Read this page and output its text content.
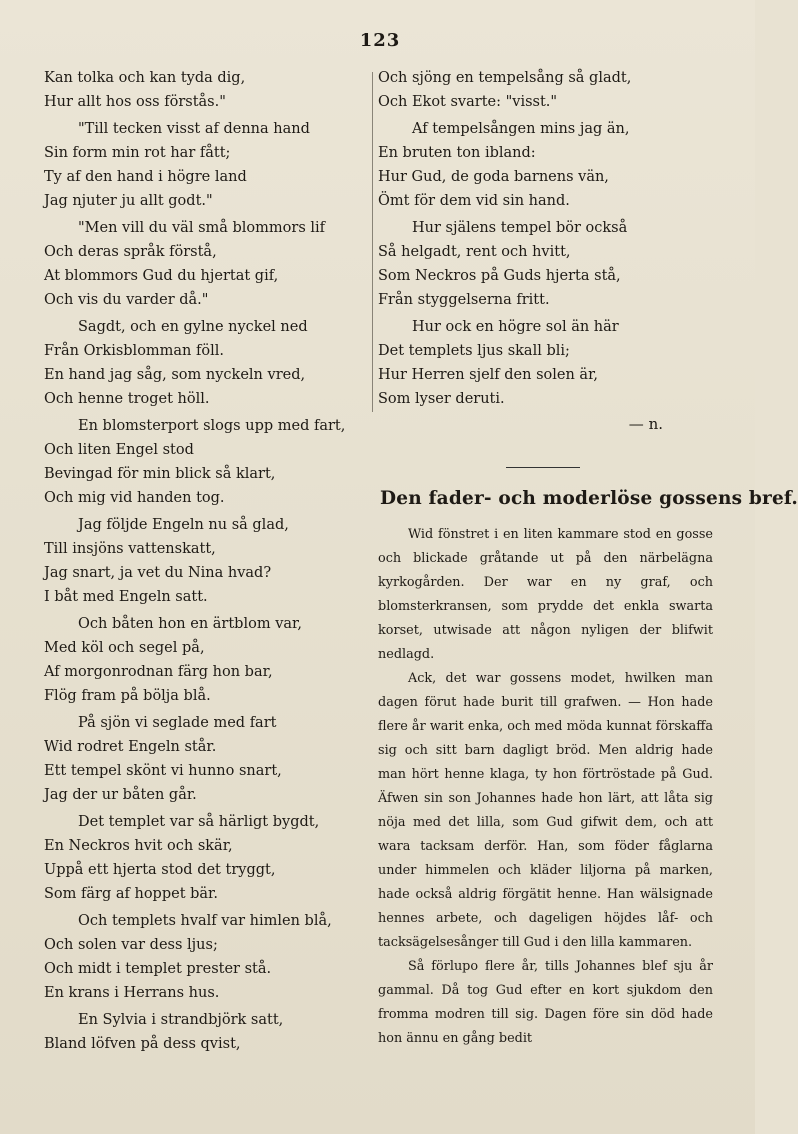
123
Kan tolka och kan tyda dig,
Hur allt hos oss förstås."
"Till tecken visst af denna hand
Sin form min rot har fått;
Ty af den hand i högre land
Jag njuter ju allt godt."
"Men vill du väl små blommors lif
Och deras språk förstå,
At blommors Gud du hjertat gif,
Och vis du varder då."
Sagdt, och en gylne nyckel ned
Från Orkisblomman föll.
En hand jag såg, som nyckeln vred,
Och henne troget höll.
En blomsterport slogs upp med fart,
Och liten Engel stod
Bevingad för min blick så klart,
Och mig vid handen tog.
Jag följde Engeln nu så glad,
Till insjöns vattenskatt,
Jag snart, ja vet du Nina hvad?
I båt med Engeln satt.
Och båten hon en ärtblom var,
Med köl och segel på,
Af morgonrodnan färg hon bar,
Flög fram på bölja blå.
På sjön vi seglade med fart
Wid rodret Engeln står.
Ett tempel skönt vi hunno snart,
Jag der ur båten går.
Det templet var så härligt bygdt,
En Neckros hvit och skär,
Uppå ett hjerta stod det tryggt,
Som färg af hoppet bär.
Och templets hvalf var himlen blå,
Och solen var dess ljus;
Och midt i templet prester stå.
En krans i Herrans hus.
En Sylvia i strandbjörk satt,
Bland löfven på dess qvist,
Och sjöng en tempelsång så gladt,
Och Ekot svarte: "visst."
Af tempelsången mins jag än,
En bruten ton ibland:
Hur Gud, de goda barnens vän,
Ömt för dem vid sin hand.
Hur själens tempel bör också
Så helgadt, rent och hvitt,
Som Neckros på Guds hjerta stå,
Från styggelserna fritt.
Hur ock en högre sol än här
Det templets ljus skall bli;
Hur Herren sjelf den solen är,
Som lyser deruti.
— n.
Den fader- och moderlöse gossens bref.

Wid fönstret i en liten kammare stod en gosse och blickade gråtande ut på den närbelägna kyrkogården. Der war en ny graf, och blomsterkransen, som prydde det enkla swarta korset, utwisade att någon nyligen der blifwit nedlagd.

Ack, det war gossens modet, hwilken man dagen förut hade burit till grafwen. — Hon hade flere år warit enka, och med möda kunnat förskaffa sig och sitt barn dagligt bröd. Men aldrig hade man hört henne klaga, ty hon förtröstade på Gud. Äfwen sin son Johannes hade hon lärt, att låta sig nöja med det lilla, som Gud gifwit dem, och att wara tacksam derför. Han, som föder fåglarna under himmelen och kläder liljorna på marken, hade också aldrig förgätit henne. Han wälsignade hennes arbete, och dageligen höjdes låf- och tacksägelsesånger till Gud i den lilla kammaren.

Så förlupo flere år, tills Johannes blef sju år gammal. Då tog Gud efter en kort sjukdom den fromma modren till sig. Dagen före sin död hade hon ännu en gång bedit
